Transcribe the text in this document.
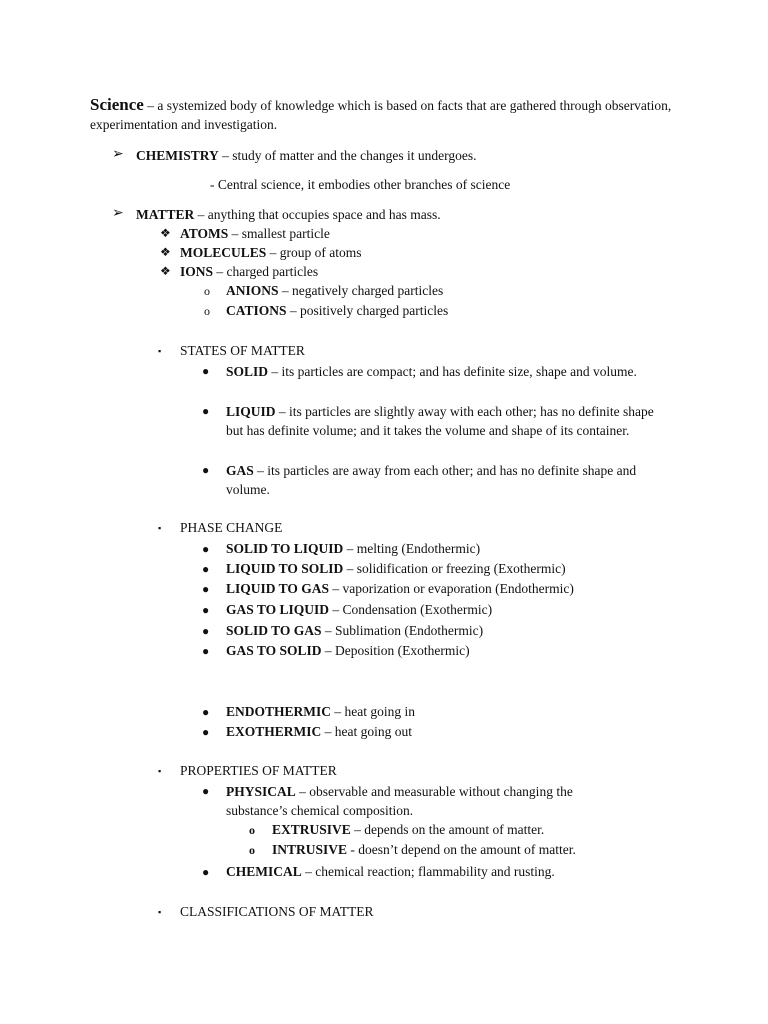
Science – a systemized body of knowledge which is based on facts that are gathered through observation, experimentation and investigation.
➢ CHEMISTRY – study of matter and the changes it undergoes.
- Central science, it embodies other branches of science
➢ MATTER – anything that occupies space and has mass.
❖ ATOMS – smallest particle
❖ MOLECULES – group of atoms
❖ IONS – charged particles
o ANIONS – negatively charged particles
o CATIONS – positively charged particles
▪ STATES OF MATTER
● SOLID – its particles are compact; and has definite size, shape and volume.
● LIQUID – its particles are slightly away with each other; has no definite shape but has definite volume; and it takes the volume and shape of its container.
● GAS – its particles are away from each other; and has no definite shape and volume.
▪ PHASE CHANGE
● SOLID TO LIQUID – melting (Endothermic)
● LIQUID TO SOLID – solidification or freezing (Exothermic)
● LIQUID TO GAS – vaporization or evaporation (Endothermic)
● GAS TO LIQUID – Condensation (Exothermic)
● SOLID TO GAS – Sublimation (Endothermic)
● GAS TO SOLID – Deposition (Exothermic)
● ENDOTHERMIC – heat going in
● EXOTHERMIC – heat going out
▪ PROPERTIES OF MATTER
● PHYSICAL – observable and measurable without changing the substance’s chemical composition.
o EXTRUSIVE – depends on the amount of matter.
o INTRUSIVE - doesn’t depend on the amount of matter.
● CHEMICAL – chemical reaction; flammability and rusting.
▪ CLASSIFICATIONS OF MATTER
